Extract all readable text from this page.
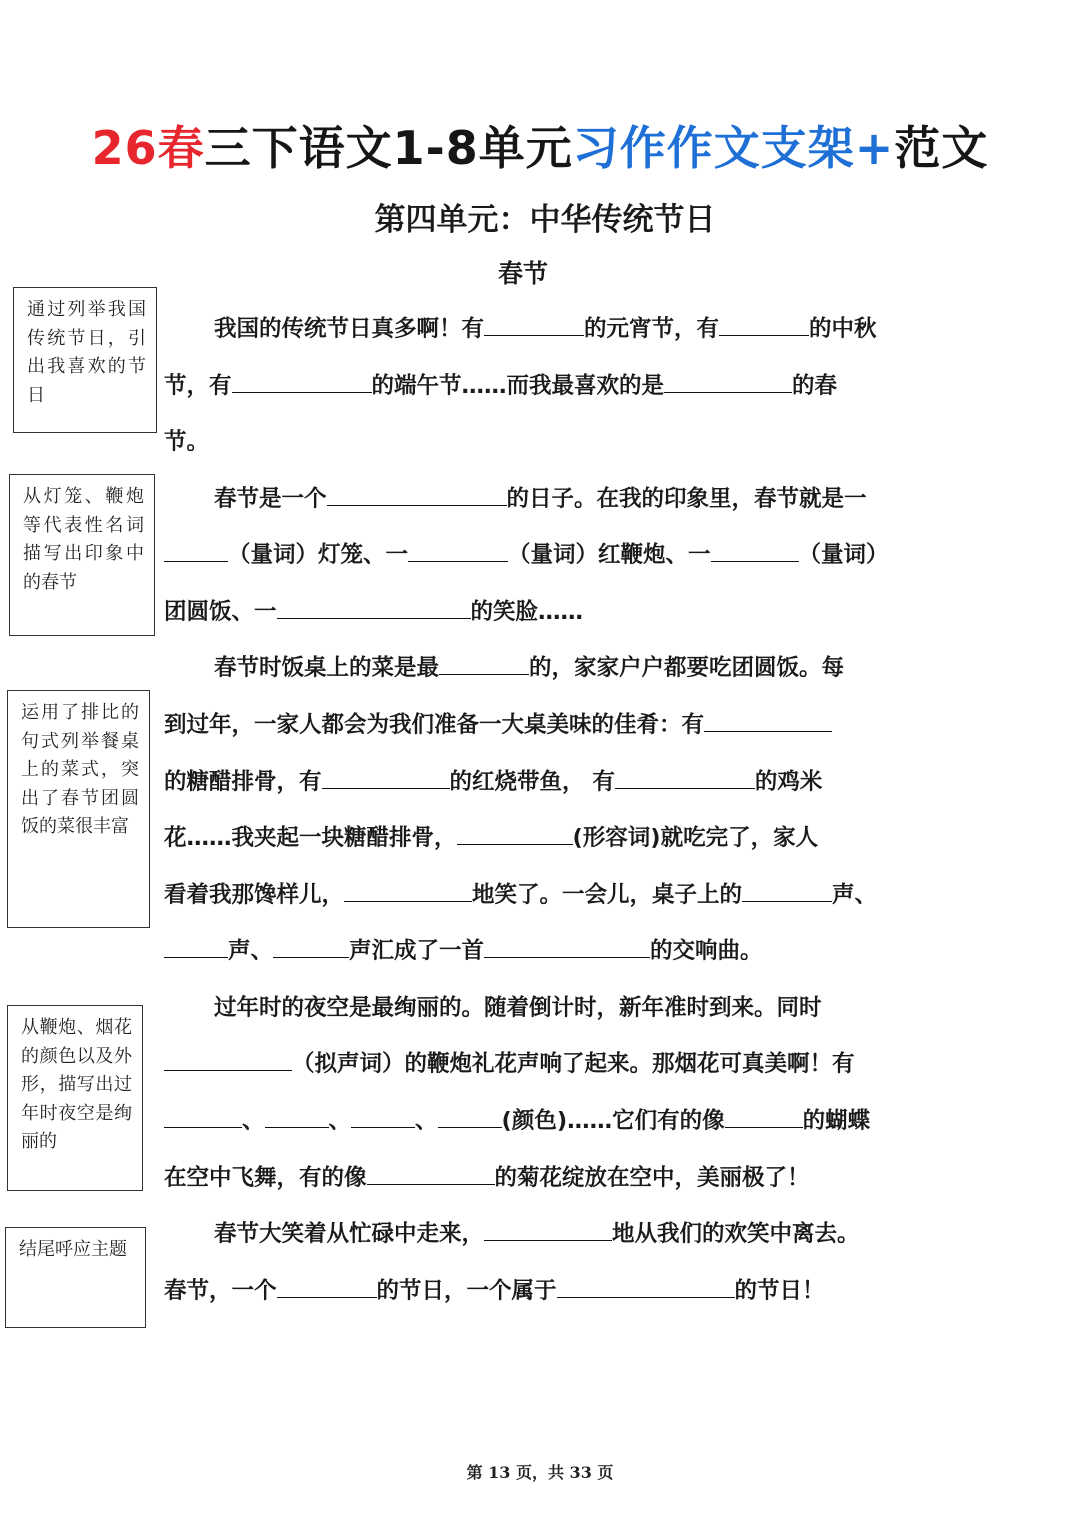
26春三下语文1-8单元习作作文支架+范文
第四单元：中华传统节日
春节
通过列举我国传统节日，引出我喜欢的节日
从灯笼、鞭炮等代表性名词描写出印象中的春节
运用了排比的句式列举餐桌上的菜式，突出了春节团圆饭的菜很丰富
从鞭炮、烟花的颜色以及外形，描写出过年时夜空是绚丽的
结尾呼应主题
我国的传统节日真多啊！有	的元宵节，有	的中秋
节，有	的端午节……而我最喜欢的是	的春
节。
春节是一个	的日子。在我的印象里，春节就是一
（量词）灯笼、一	（量词）红鞭炮、一	（量词）
团圆饭、一	的笑脸……
春节时饭桌上的菜是最	的，家家户户都要吃团圆饭。每
到过年，一家人都会为我们准备一大桌美味的佳肴：有
的糖醋排骨，有	的红烧带鱼， 有	的鸡米
花……我夹起一块糖醋排骨，	(形容词)就吃完了，家人
看着我那馋样儿，	地笑了。一会儿，桌子上的	声、
声、	声汇成了一首	的交响曲。
过年时的夜空是最绚丽的。随着倒计时，新年准时到来。同时
（拟声词）的鞭炮礼花声响了起来。那烟花可真美啊！有
、	、	、	(颜色)……它们有的像	的蝴蝶
在空中飞舞，有的像	的菊花绽放在空中，美丽极了！
春节大笑着从忙碌中走来，	地从我们的欢笑中离去。
春节，一个	的节日，一个属于	的节日！
第 13 页，共 33 页
